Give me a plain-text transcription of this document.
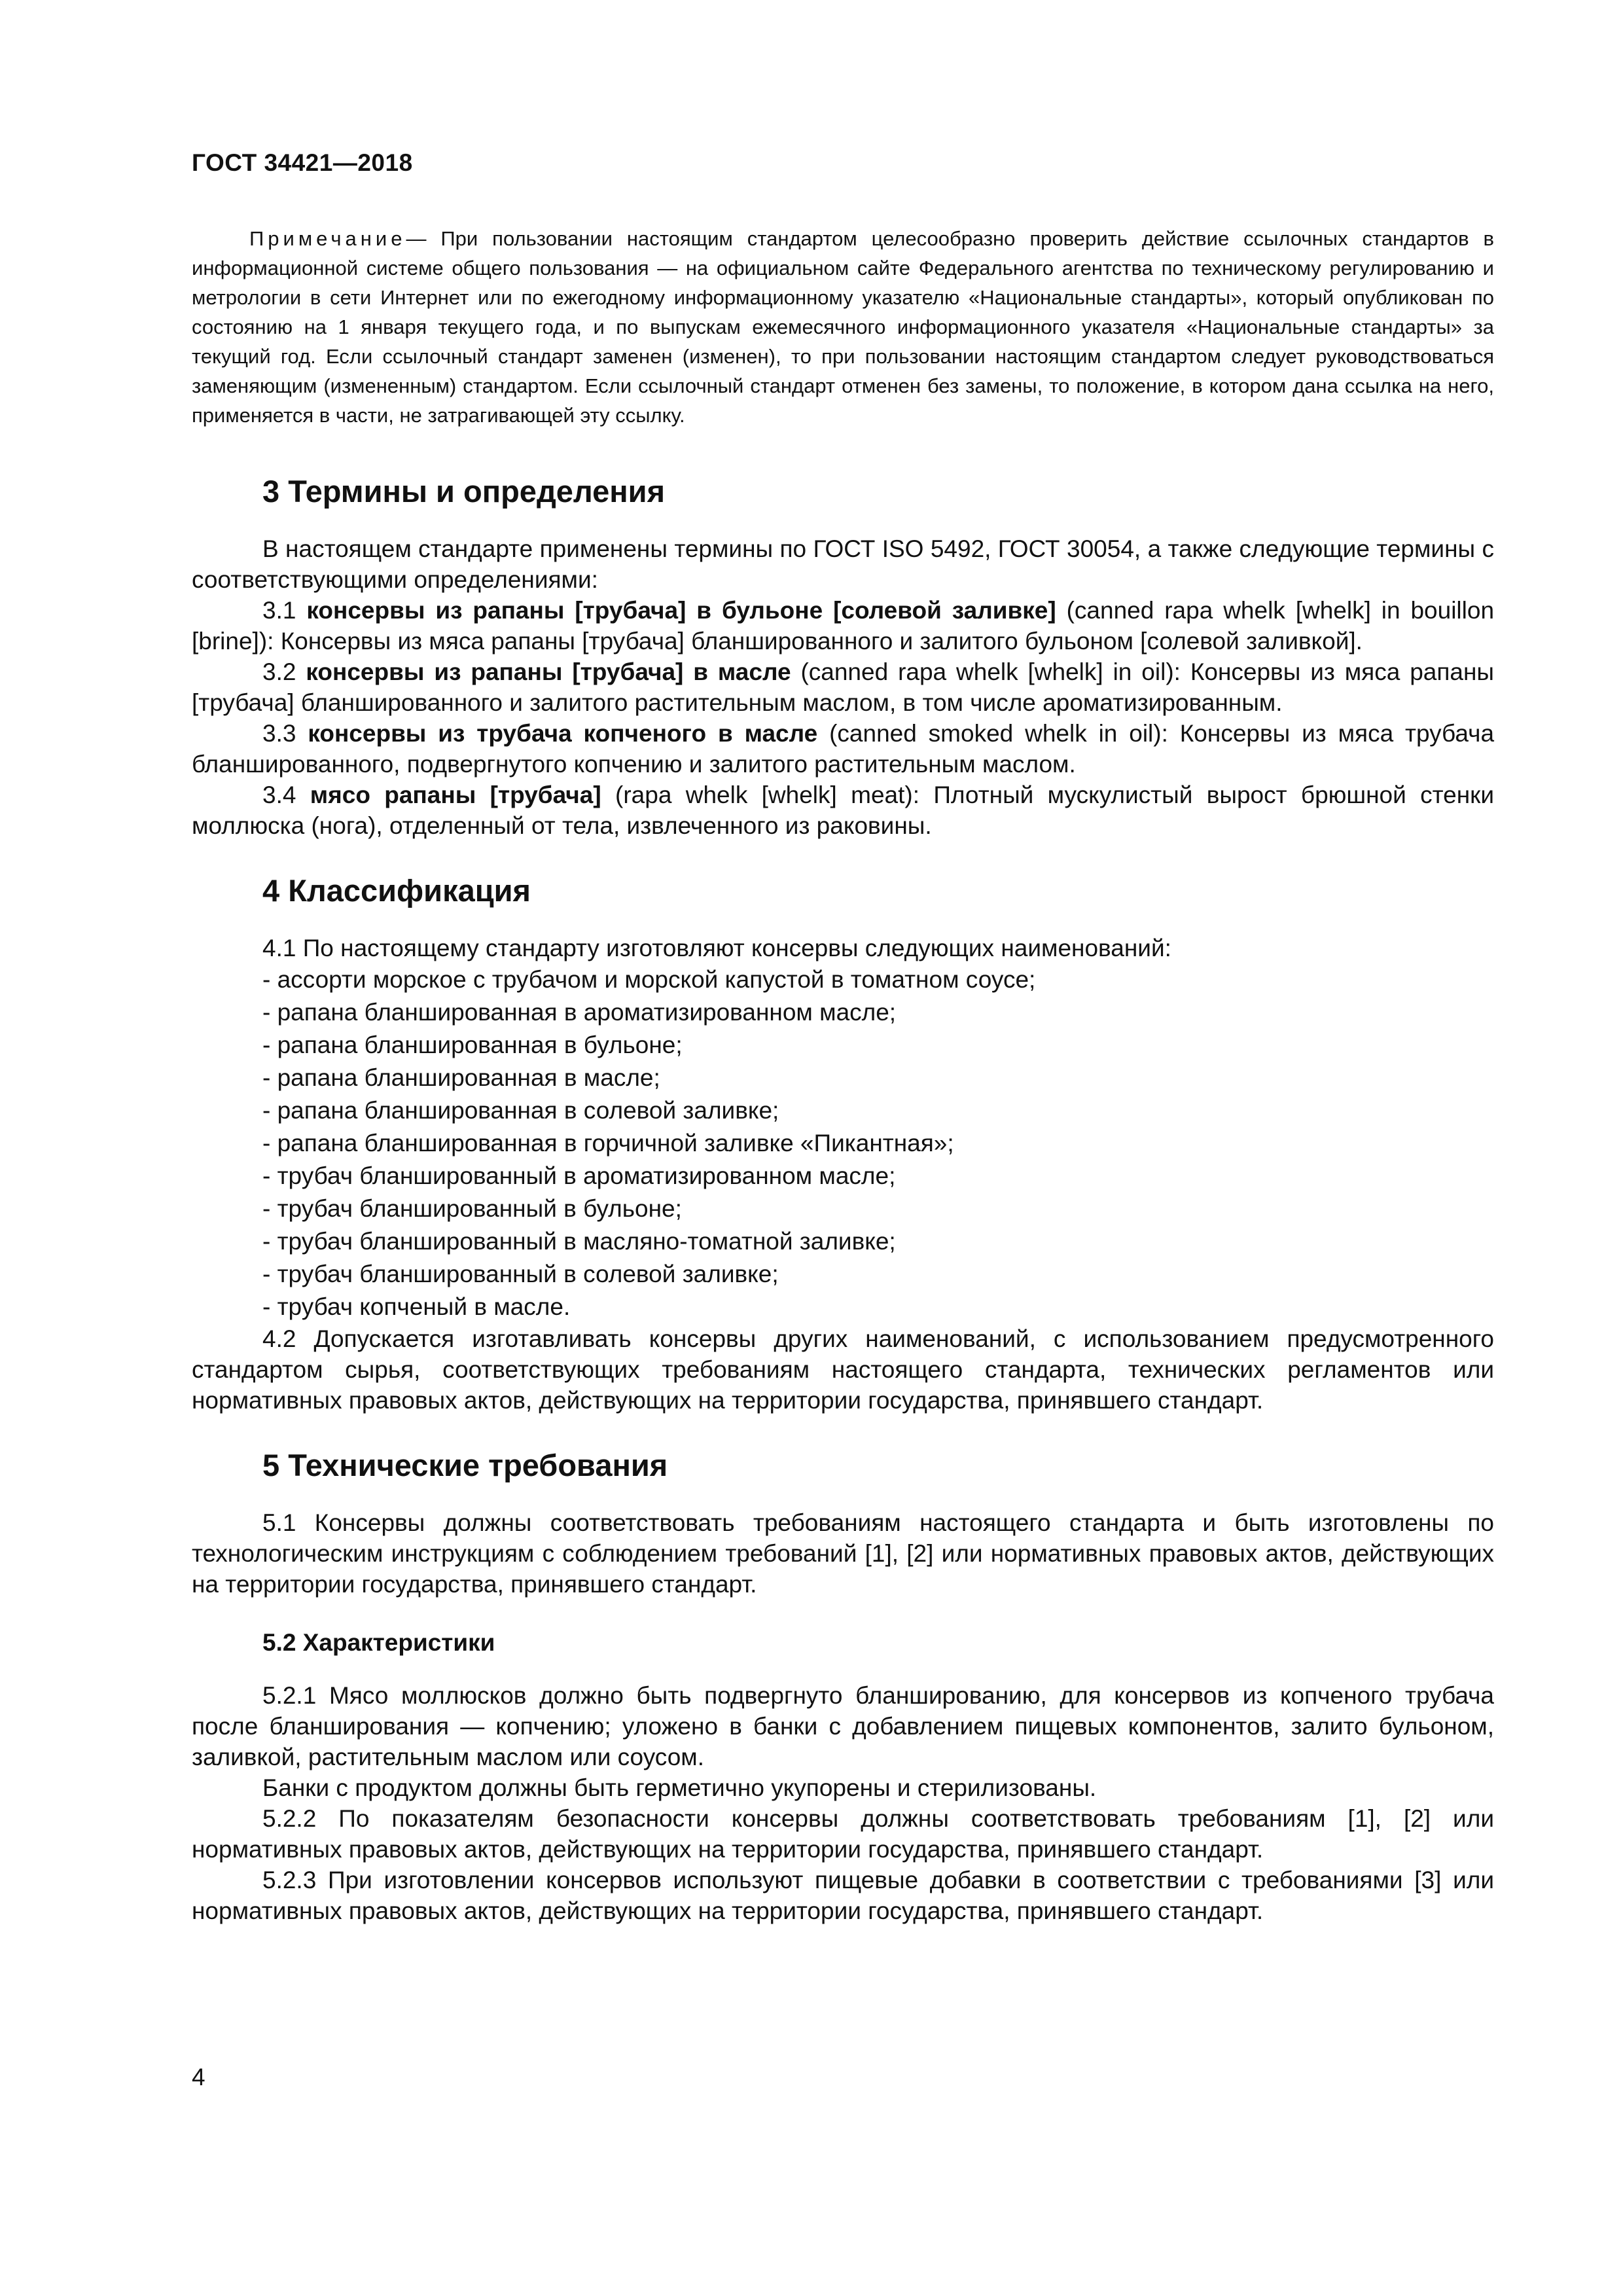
ГОСТ 34421—2018

Примечание— При пользовании настоящим стандартом целесообразно проверить действие ссылочных стандартов в информационной системе общего пользования — на официальном сайте Федерального агентства по техническому регулированию и метрологии в сети Интернет или по ежегодному информационному указателю «Национальные стандарты», который опубликован по состоянию на 1 января текущего года, и по выпускам ежемесячного информационного указателя «Национальные стандарты» за текущий год. Если ссылочный стандарт заменен (изменен), то при пользовании настоящим стандартом следует руководствоваться заменяющим (измененным) стандартом. Если ссылочный стандарт отменен без замены, то положение, в котором дана ссылка на него, применяется в части, не затрагивающей эту ссылку.

3 Термины и определения

В настоящем стандарте применены термины по ГОСТ ISO 5492, ГОСТ 30054, а также следующие термины с соответствующими определениями:

3.1 консервы из рапаны [трубача] в бульоне [солевой заливке] (canned rapa whelk [whelk] in bouillon [brine]): Консервы из мяса рапаны [трубача] бланшированного и залитого бульоном [солевой заливкой].

3.2 консервы из рапаны [трубача] в масле (canned rapa whelk [whelk] in oil): Консервы из мяса рапаны [трубача] бланшированного и залитого растительным маслом, в том числе ароматизированным.

3.3 консервы из трубача копченого в масле (canned smoked whelk in oil): Консервы из мяса трубача бланшированного, подвергнутого копчению и залитого растительным маслом.

3.4 мясо рапаны [трубача] (rapa whelk [whelk] meat): Плотный мускулистый вырост брюшной стенки моллюска (нога), отделенный от тела, извлеченного из раковины.

4 Классификация

4.1 По настоящему стандарту изготовляют консервы следующих наименований:

- ассорти морское с трубачом и морской капустой в томатном соусе;
- рапана бланшированная в ароматизированном масле;
- рапана бланшированная в бульоне;
- рапана бланшированная в масле;
- рапана бланшированная в солевой заливке;
- рапана бланшированная в горчичной заливке «Пикантная»;
- трубач бланшированный в ароматизированном масле;
- трубач бланшированный в бульоне;
- трубач бланшированный в масляно-томатной заливке;
- трубач бланшированный в солевой заливке;
- трубач копченый в масле.

4.2 Допускается изготавливать консервы других наименований, с использованием предусмотренного стандартом сырья, соответствующих требованиям настоящего стандарта, технических регламентов или нормативных правовых актов, действующих на территории государства, принявшего стандарт.

5 Технические требования

5.1 Консервы должны соответствовать требованиям настоящего стандарта и быть изготовлены по технологическим инструкциям с соблюдением требований [1], [2] или нормативных правовых актов, действующих на территории государства, принявшего стандарт.

5.2 Характеристики

5.2.1 Мясо моллюсков должно быть подвергнуто бланшированию, для консервов из копченого трубача после бланширования — копчению; уложено в банки с добавлением пищевых компонентов, залито бульоном, заливкой, растительным маслом или соусом.

Банки с продуктом должны быть герметично укупорены и стерилизованы.

5.2.2 По показателям безопасности консервы должны соответствовать требованиям [1], [2] или нормативных правовых актов, действующих на территории государства, принявшего стандарт.

5.2.3 При изготовлении консервов используют пищевые добавки в соответствии с требованиями [3] или нормативных правовых актов, действующих на территории государства, принявшего стандарт.

4
